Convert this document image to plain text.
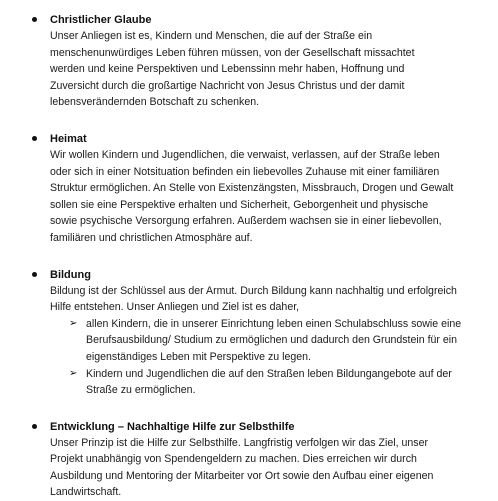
Christlicher Glaube
Unser Anliegen ist es, Kindern und Menschen, die auf der Straße ein menschenunwürdiges Leben führen müssen, von der Gesellschaft missachtet werden und keine Perspektiven und Lebenssinn mehr haben, Hoffnung und Zuversicht durch die großartige Nachricht von Jesus Christus und der damit lebensverändernden Botschaft zu schenken.
Heimat
Wir wollen Kindern und Jugendlichen, die verwaist, verlassen, auf der Straße leben oder sich in einer Notsituation befinden ein liebevolles Zuhause mit einer familiären Struktur ermöglichen. An Stelle von Existenzängsten, Missbrauch, Drogen und Gewalt sollen sie eine Perspektive erhalten und Sicherheit, Geborgenheit und physische sowie psychische Versorgung erfahren. Außerdem wachsen sie in einer liebevollen, familiären und christlichen Atmosphäre auf.
Bildung
Bildung ist der Schlüssel aus der Armut. Durch Bildung kann nachhaltig und erfolgreich Hilfe entstehen. Unser Anliegen und Ziel ist es daher,
➢ allen Kindern, die in unserer Einrichtung leben einen Schulabschluss sowie eine Berufsausbildung/ Studium zu ermöglichen und dadurch den Grundstein für ein eigenständiges Leben mit Perspektive zu legen.
➢ Kindern und Jugendlichen die auf den Straßen leben Bildungangebote auf der Straße zu ermöglichen.
Entwicklung – Nachhaltige Hilfe zur Selbsthilfe
Unser Prinzip ist die Hilfe zur Selbsthilfe. Langfristig verfolgen wir das Ziel, unser Projekt unabhängig von Spendengeldern zu machen. Dies erreichen wir durch Ausbildung und Mentoring der Mitarbeiter vor Ort sowie den Aufbau einer eigenen Landwirtschaft.
